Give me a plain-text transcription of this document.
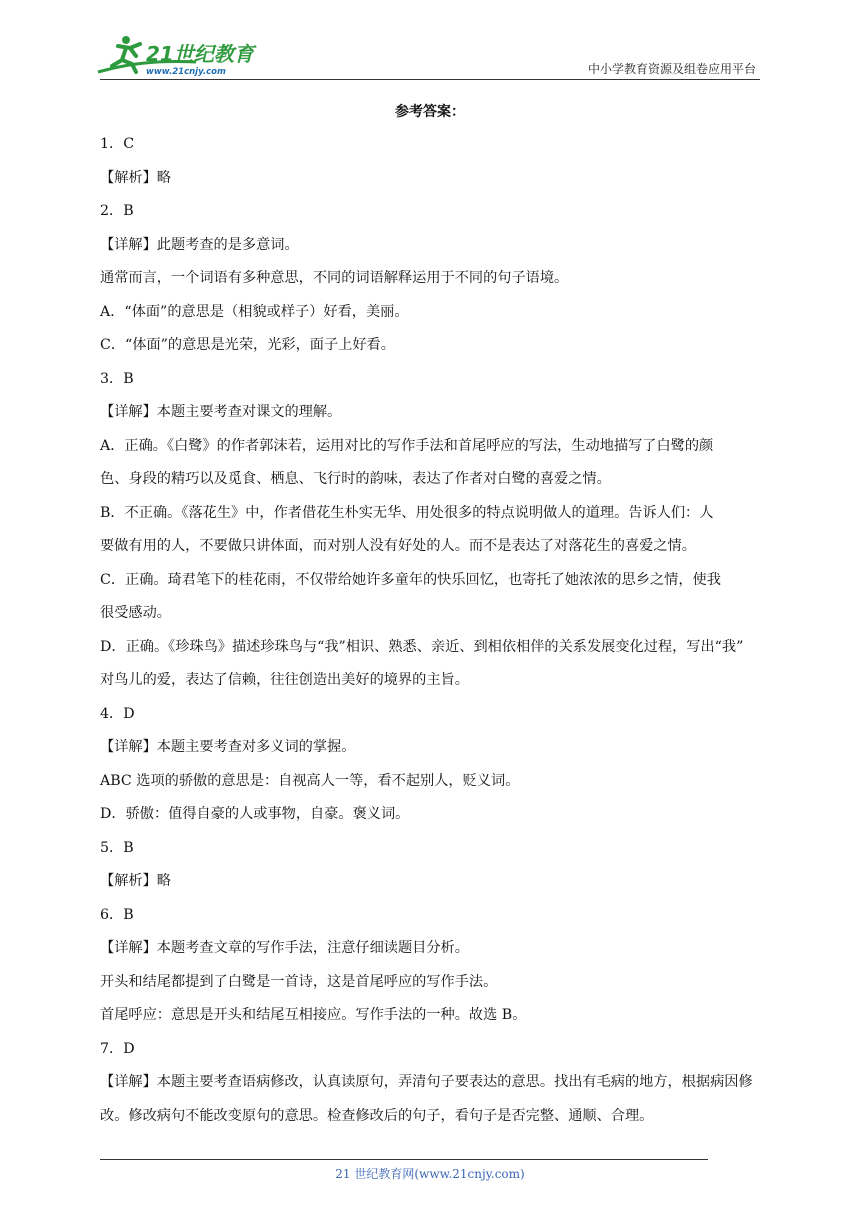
21世纪教育
www.21cnjy.com	中小学教育资源及组卷应用平台
参考答案：
1．C
【解析】略
2．B
【详解】此题考查的是多意词。
通常而言，一个词语有多种意思，不同的词语解释运用于不同的句子语境。
A．“体面”的意思是（相貌或样子）好看，美丽。
C．“体面”的意思是光荣，光彩，面子上好看。
3．B
【详解】本题主要考查对课文的理解。
A．正确。《白鹭》的作者郭沫若，运用对比的写作手法和首尾呼应的写法，生动地描写了白鹭的颜
色、身段的精巧以及觅食、栖息、飞行时的韵味，表达了作者对白鹭的喜爱之情。
B．不正确。《落花生》中，作者借花生朴实无华、用处很多的特点说明做人的道理。告诉人们：人
要做有用的人，不要做只讲体面，而对别人没有好处的人。而不是表达了对落花生的喜爱之情。
C．正确。琦君笔下的桂花雨，不仅带给她许多童年的快乐回忆，也寄托了她浓浓的思乡之情，使我
很受感动。
D．正确。《珍珠鸟》描述珍珠鸟与“我”相识、熟悉、亲近、到相依相伴的关系发展变化过程，写出“我”
对鸟儿的爱，表达了信赖，往往创造出美好的境界的主旨。
4．D
【详解】本题主要考查对多义词的掌握。
ABC 选项的骄傲的意思是：自视高人一等，看不起别人，贬义词。
D．骄傲：值得自豪的人或事物，自豪。褒义词。
5．B
【解析】略
6．B
【详解】本题考查文章的写作手法，注意仔细读题目分析。
开头和结尾都提到了白鹭是一首诗，这是首尾呼应的写作手法。
首尾呼应：意思是开头和结尾互相接应。写作手法的一种。故选 B。
7．D
【详解】本题主要考查语病修改，认真读原句，弄清句子要表达的意思。找出有毛病的地方，根据病因修改。修改病句不能改变原句的意思。检查修改后的句子，看句子是否完整、通顺、合理。
21 世纪教育网(www.21cnjy.com)
